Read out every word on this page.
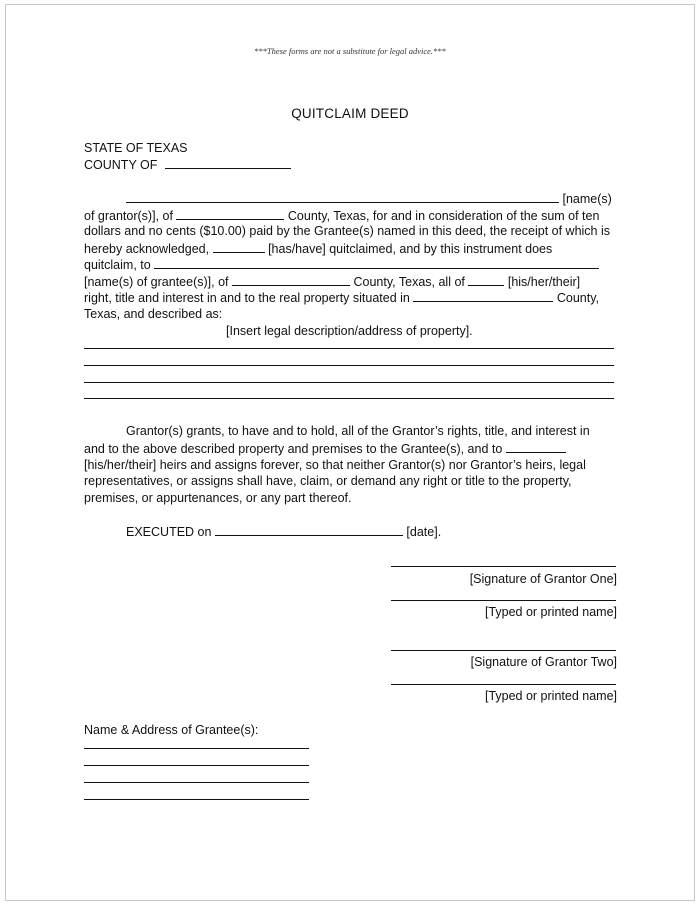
***These forms are not a substitute for legal advice.***
QUITCLAIM DEED
STATE OF TEXAS
COUNTY OF
[name(s)
of grantor(s)], of	County, Texas, for and in consideration of the sum of ten
dollars and no cents ($10.00) paid by the Grantee(s) named in this deed, the receipt of which is
hereby acknowledged,	[has/have] quitclaimed, and by this instrument does
quitclaim, to
[name(s) of grantee(s)], of	County, Texas, all of	[his/her/their]
right, title and interest in and to the real property situated in	County,
Texas, and described as:
[Insert legal description/address of property].
Grantor(s) grants, to have and to hold, all of the Grantor’s rights, title, and interest in
and to the above described property and premises to the Grantee(s), and to
[his/her/their] heirs and assigns forever, so that neither Grantor(s) nor Grantor’s heirs, legal
representatives, or assigns shall have, claim, or demand any right or title to the property,
premises, or appurtenances, or any part thereof.
EXECUTED on	[date].
[Signature of Grantor One]
[Typed or printed name]
[Signature of Grantor Two]
[Typed or printed name]
Name & Address of Grantee(s):
